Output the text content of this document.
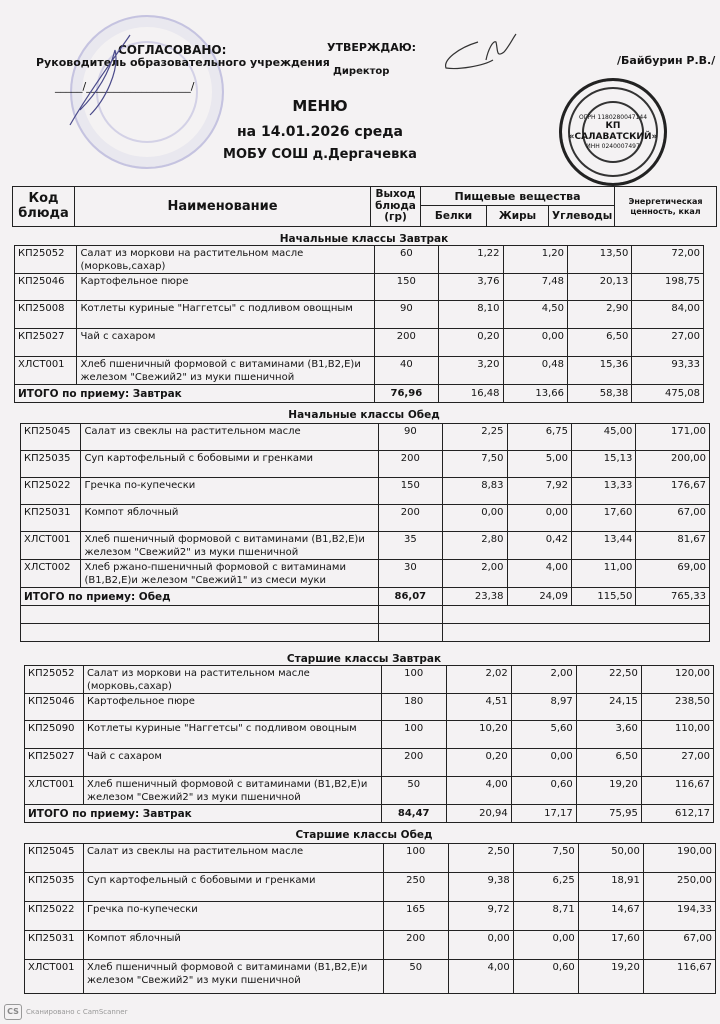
СОГЛАСОВАНО:
Руководитель образовательного учреждения
_____/___________________/
УТВЕРЖДАЮ:
Директор
/Байбурин Р.В./
ОГРН 1180280047144
КП
«САЛАВАТСКИЙ»
ИНН 0240007497
МЕНЮ
на 14.01.2026 среда
МОБУ СОШ д.Дергачевка
Код блюда	Наименование	Выход блюда (гр)	Пищевые вещества			Энергетическая ценность, ккал
			Белки	Жиры	Углеводы	
Начальные классы Завтрак
КП25052	Салат из моркови на растительном масле (морковь,сахар)	60	1,22	1,20	13,50	72,00
КП25046	Картофельное пюре	150	3,76	7,48	20,13	198,75
КП25008	Котлеты куриные "Наггетсы" с подливом овощным	90	8,10	4,50	2,90	84,00
КП25027	Чай с сахаром	200	0,20	0,00	6,50	27,00
ХЛСТ001	Хлеб пшеничный формовой с витаминами (В1,В2,Е)и железом "Свежий2" из муки пшеничной	40	3,20	0,48	15,36	93,33
ИТОГО по приему: Завтрак		76,96	16,48	13,66	58,38	475,08
Начальные классы Обед
КП25045	Салат из свеклы на растительном масле	90	2,25	6,75	45,00	171,00
КП25035	Суп картофельный с бобовыми и гренками	200	7,50	5,00	15,13	200,00
КП25022	Гречка по-купечески	150	8,83	7,92	13,33	176,67
КП25031	Компот яблочный	200	0,00	0,00	17,60	67,00
ХЛСТ001	Хлеб пшеничный формовой с витаминами (В1,В2,Е)и железом "Свежий2" из муки пшеничной	35	2,80	0,42	13,44	81,67
ХЛСТ002	Хлеб ржано-пшеничный формовой с витаминами (В1,В2,Е)и железом "Свежий1" из смеси муки	30	2,00	4,00	11,00	69,00
ИТОГО по приему: Обед		86,07	23,38	24,09	115,50	765,33

Старшие классы Завтрак
КП25052	Салат из моркови на растительном масле (морковь,сахар)	100	2,02	2,00	22,50	120,00
КП25046	Картофельное пюре	180	4,51	8,97	24,15	238,50
КП25090	Котлеты куриные "Наггетсы" с подливом овоцным	100	10,20	5,60	3,60	110,00
КП25027	Чай с сахаром	200	0,20	0,00	6,50	27,00
ХЛСТ001	Хлеб пшеничный формовой с витаминами (В1,В2,Е)и железом "Свежий2" из муки пшеничной	50	4,00	0,60	19,20	116,67
ИТОГО по приему: Завтрак		84,47	20,94	17,17	75,95	612,17
Старшие классы Обед
КП25045	Салат из свеклы на растительном масле	100	2,50	7,50	50,00	190,00
КП25035	Суп картофельный с бобовыми и гренками	250	9,38	6,25	18,91	250,00
КП25022	Гречка по-купечески	165	9,72	8,71	14,67	194,33
КП25031	Компот яблочный	200	0,00	0,00	17,60	67,00
ХЛСТ001	Хлеб пшеничный формовой с витаминами (В1,В2,Е)и железом "Свежий2" из муки пшеничной	50	4,00	0,60	19,20	116,67
CS	Сканировано с CamScanner
